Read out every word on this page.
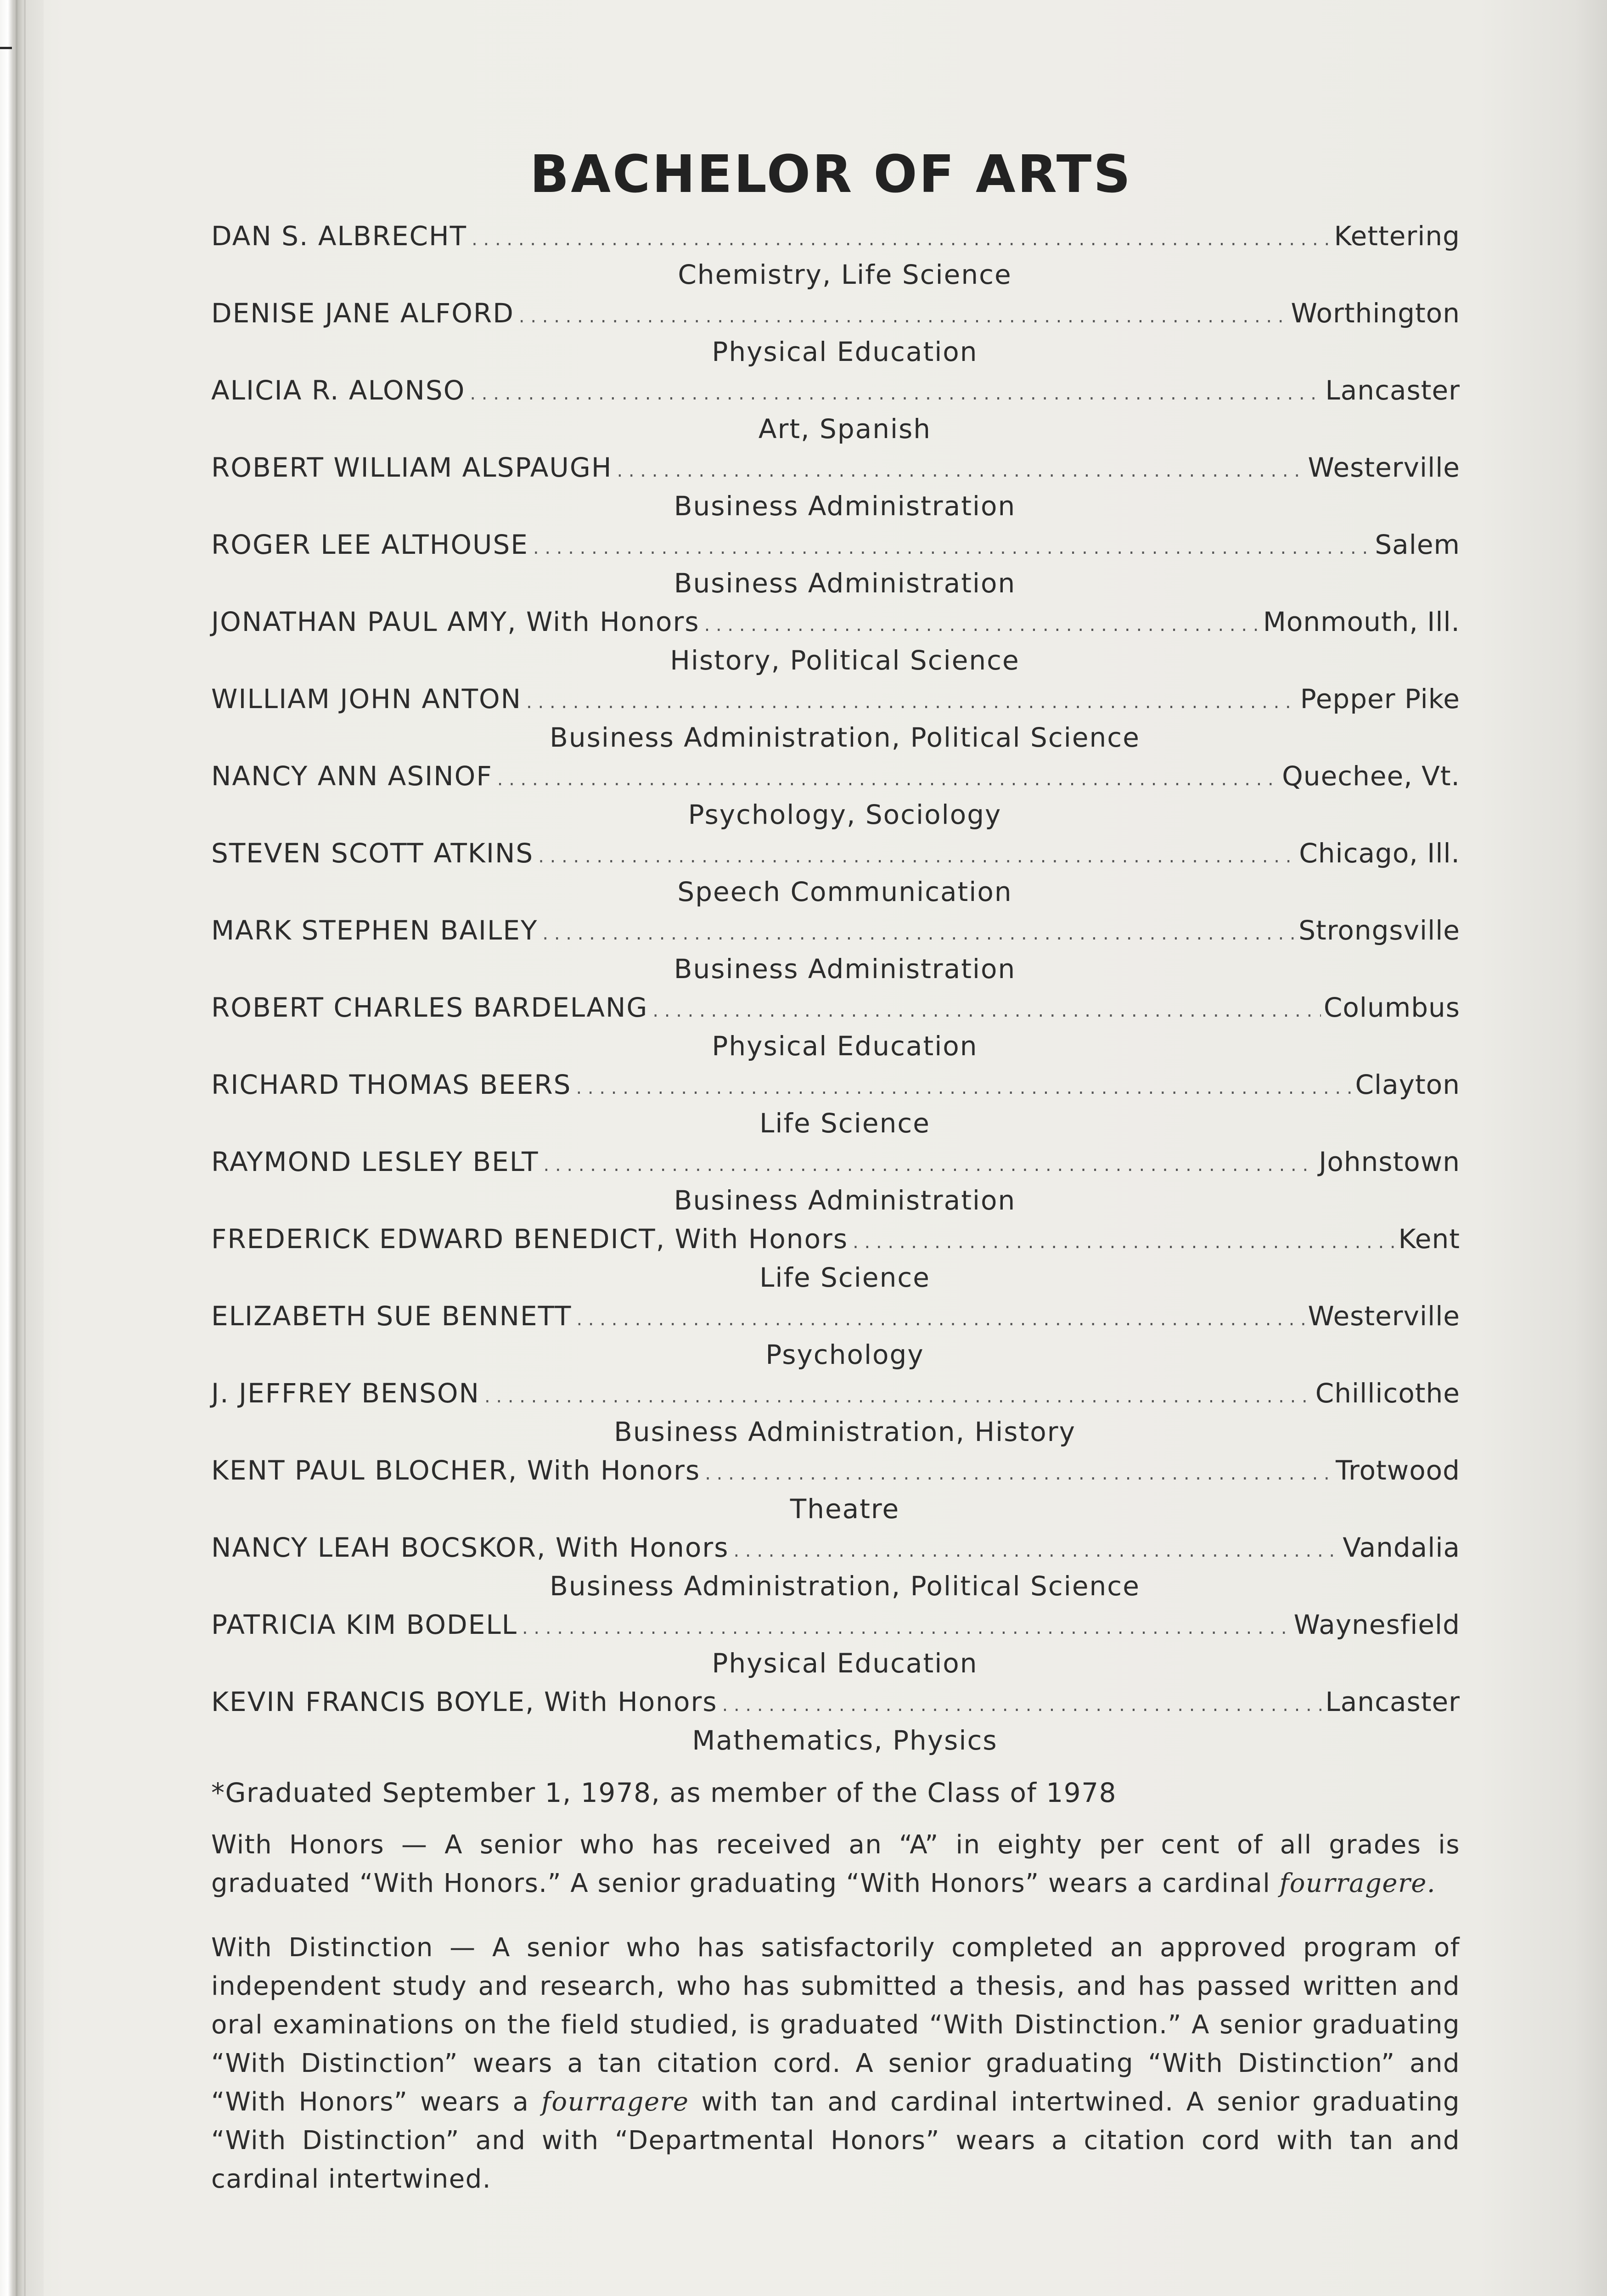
BACHELOR OF ARTS
DAN S. ALBRECHT . . .	Kettering
Chemistry, Life Science
DENISE JANE ALFORD . . .	Worthington
Physical Education
ALICIA R. ALONSO . . .	Lancaster
Art, Spanish
ROBERT WILLIAM ALSPAUGH . . .	Westerville
Business Administration
ROGER LEE ALTHOUSE . . .	Salem
Business Administration
JONATHAN PAUL AMY, With Honors . . .	Monmouth, Ill.
History, Political Science
WILLIAM JOHN ANTON . . .	Pepper Pike
Business Administration, Political Science
NANCY ANN ASINOF . . .	Quechee, Vt.
Psychology, Sociology
STEVEN SCOTT ATKINS . . .	Chicago, Ill.
Speech Communication
MARK STEPHEN BAILEY . . .	Strongsville
Business Administration
ROBERT CHARLES BARDELANG . . .	Columbus
Physical Education
RICHARD THOMAS BEERS . . .	Clayton
Life Science
RAYMOND LESLEY BELT . . .	Johnstown
Business Administration
FREDERICK EDWARD BENEDICT, With Honors . . .	Kent
Life Science
ELIZABETH SUE BENNETT . . .	Westerville
Psychology
J. JEFFREY BENSON . . .	Chillicothe
Business Administration, History
KENT PAUL BLOCHER, With Honors . . .	Trotwood
Theatre
NANCY LEAH BOCSKOR, With Honors . . .	Vandalia
Business Administration, Political Science
PATRICIA KIM BODELL . . .	Waynesfield
Physical Education
KEVIN FRANCIS BOYLE, With Honors . . .	Lancaster
Mathematics, Physics
*Graduated September 1, 1978, as member of the Class of 1978

With Honors — A senior who has received an “A” in eighty per cent of all grades is graduated “With Honors.” A senior graduating “With Honors” wears a cardinal fourragere.

With Distinction — A senior who has satisfactorily completed an approved program of independent study and research, who has submitted a thesis, and has passed written and oral examinations on the field studied, is graduated “With Distinction.” A senior graduating “With Distinction” wears a tan citation cord. A senior graduating “With Distinction” and “With Honors” wears a fourragere with tan and cardinal intertwined. A senior graduating “With Distinction” and with “Departmental Honors” wears a citation cord with tan and cardinal intertwined.
